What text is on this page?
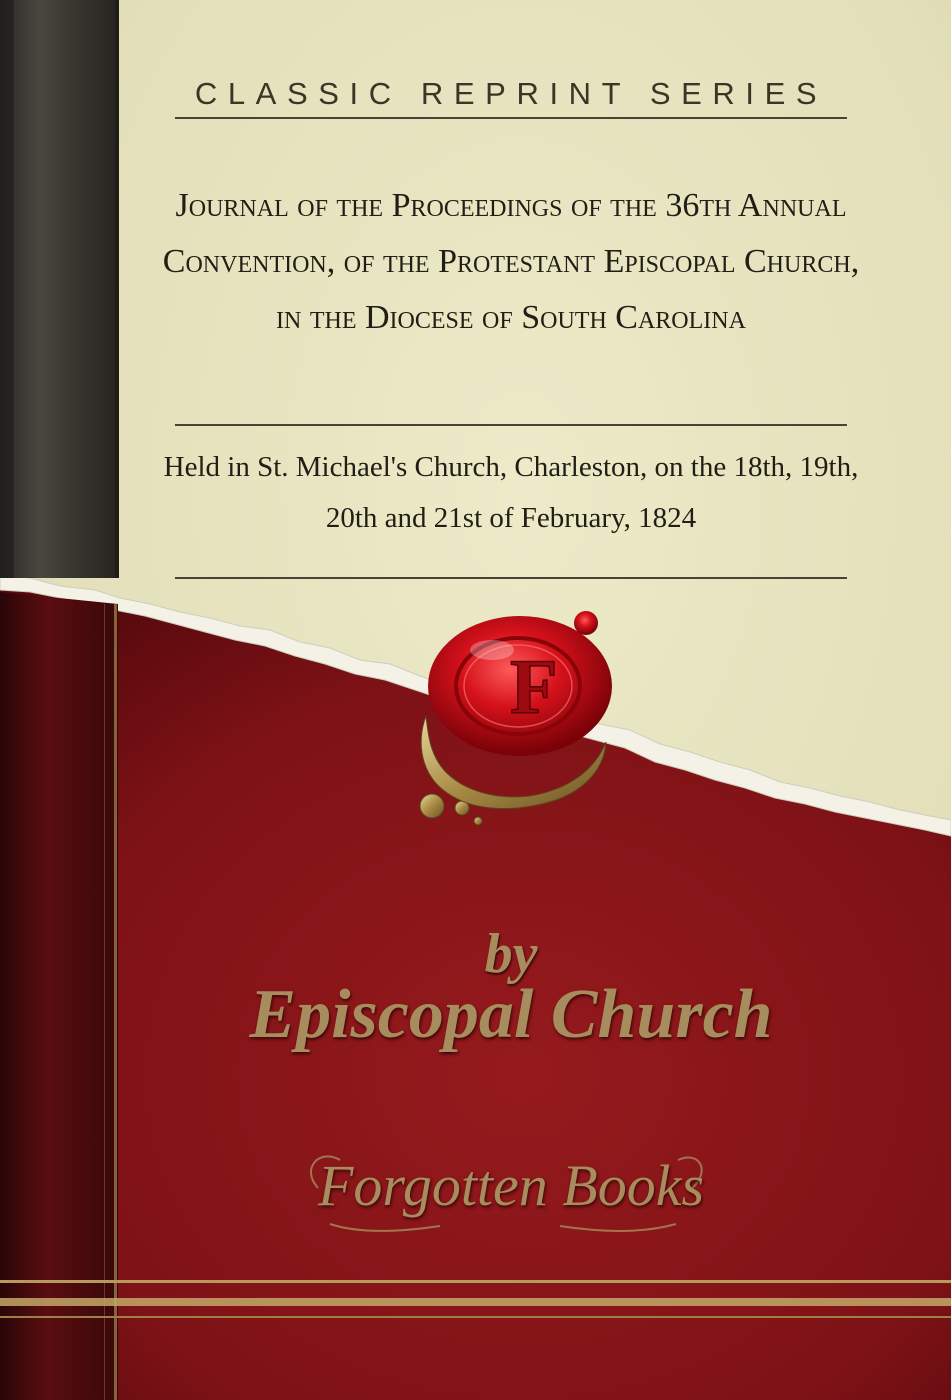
F
CLASSIC REPRINT SERIES
Journal of the Proceedings of the 36th Annual Convention, of the Protestant Episcopal Church, in the Diocese of South Carolina

Held in St. Michael's Church, Charleston, on the 18th, 19th, 20th and 21st of February, 1824

by
Episcopal Church
Forgotten Books
